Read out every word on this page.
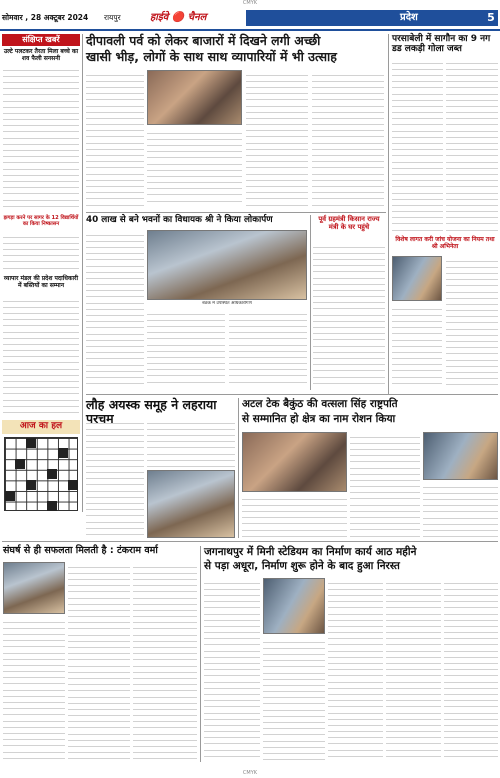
CMYK
सोमवार , 28 अक्टूबर 2024	रायपुर	हाईवे 🔴 चैनल	प्रदेश	5
संक्षिप्त खबरें
उल्टे पलटकर तैरता मिला बच्चे का शव फैली सनसनी
झगड़ा करने पर सागर के 12 विद्यार्थियों का किया निष्कासन
व्यापार मंडल की प्रदेश पदाधिकारी में बस्तियों का सम्मान
आज का हल
दीपावली पर्व को लेकर बाजारों में दिखने लगी अच्छी
खासी भीड़, लोगों के साथ साथ व्यापारियों में भी उत्साह
40 लाख से बने भवनों का विधायक श्री ने किया लोकार्पण
बैठक में उपस्थित अधिकारीगण
पूर्व ग्रहमंत्री किसान राज्य मंत्री के घर पहुंचे
परसाबेली में सागौन का 9 नग डड लकड़ी गोला जब्त
विशेष लागत करी जांच योजना का नियम तथा श्री अभिनेता
लौह अयस्क समूह ने लहराया परचम
अटल टेक बैकुंठ की वत्सला सिंह राष्ट्रपति
से सम्मानित हो क्षेत्र का नाम रोशन किया
संघर्ष से ही सफलता मिलती है : टंकराम वर्मा	जगनाथपुर में मिनी स्टेडियम का निर्माण कार्य आठ महीने
से पड़ा अधूरा, निर्माण शुरू होने के बाद हुआ निरस्त
CMYK
